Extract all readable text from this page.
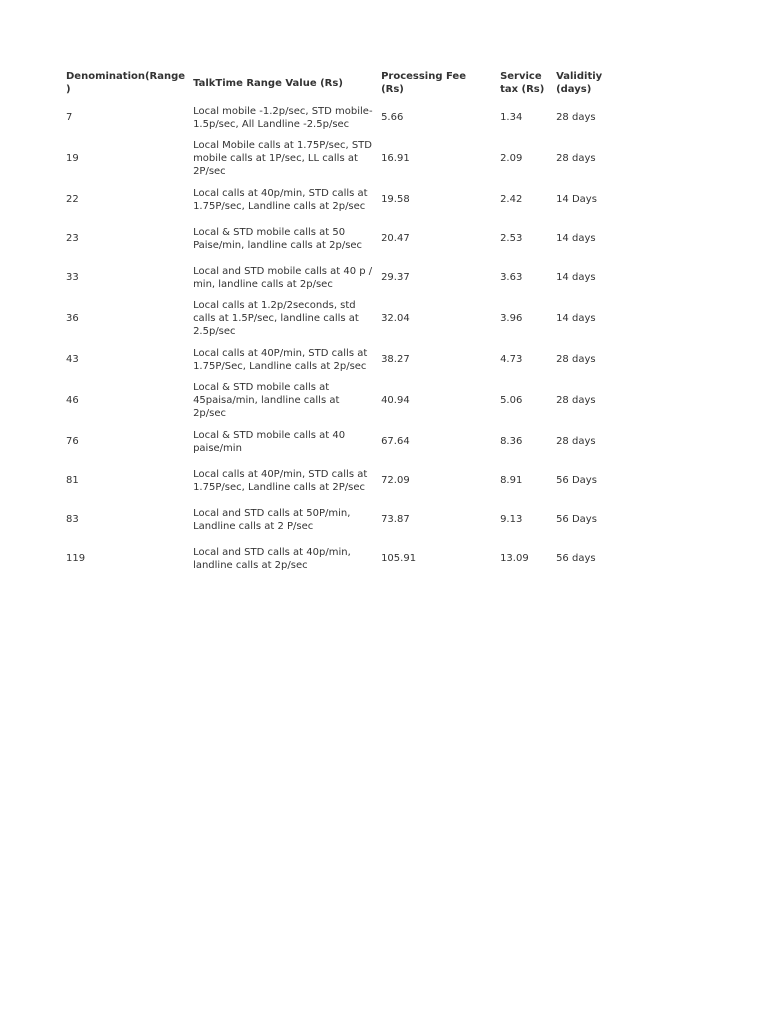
Denomination(Range )	TalkTime Range Value (Rs)	Processing Fee (Rs)	Service tax (Rs)	Validitiy (days)
7	Local mobile -1.2p/sec, STD mobile-1.5p/sec, All Landline -2.5p/sec	5.66	1.34	28 days
19	Local Mobile calls at 1.75P/sec, STD mobile calls at 1P/sec, LL calls at 2P/sec	16.91	2.09	28 days
22	Local calls at 40p/min, STD calls at 1.75P/sec, Landline calls at 2p/sec	19.58	2.42	14 Days
23	Local & STD mobile calls at 50 Paise/min, landline calls at 2p/sec	20.47	2.53	14 days
33	Local and STD mobile calls at 40 p / min, landline calls at 2p/sec	29.37	3.63	14 days
36	Local calls at 1.2p/2seconds, std calls at 1.5P/sec, landline calls at 2.5p/sec	32.04	3.96	14 days
43	Local calls at 40P/min, STD calls at 1.75P/Sec, Landline calls at 2p/sec	38.27	4.73	28 days
46	Local & STD mobile calls at 45paisa/min, landline calls at 2p/sec	40.94	5.06	28 days
76	Local & STD mobile calls at 40 paise/min	67.64	8.36	28 days
81	Local calls at 40P/min, STD calls at 1.75P/sec, Landline calls at 2P/sec	72.09	8.91	56 Days
83	Local and STD calls at 50P/min, Landline calls at 2 P/sec	73.87	9.13	56 Days
119	Local and STD calls at 40p/min, landline calls at 2p/sec	105.91	13.09	56 days
